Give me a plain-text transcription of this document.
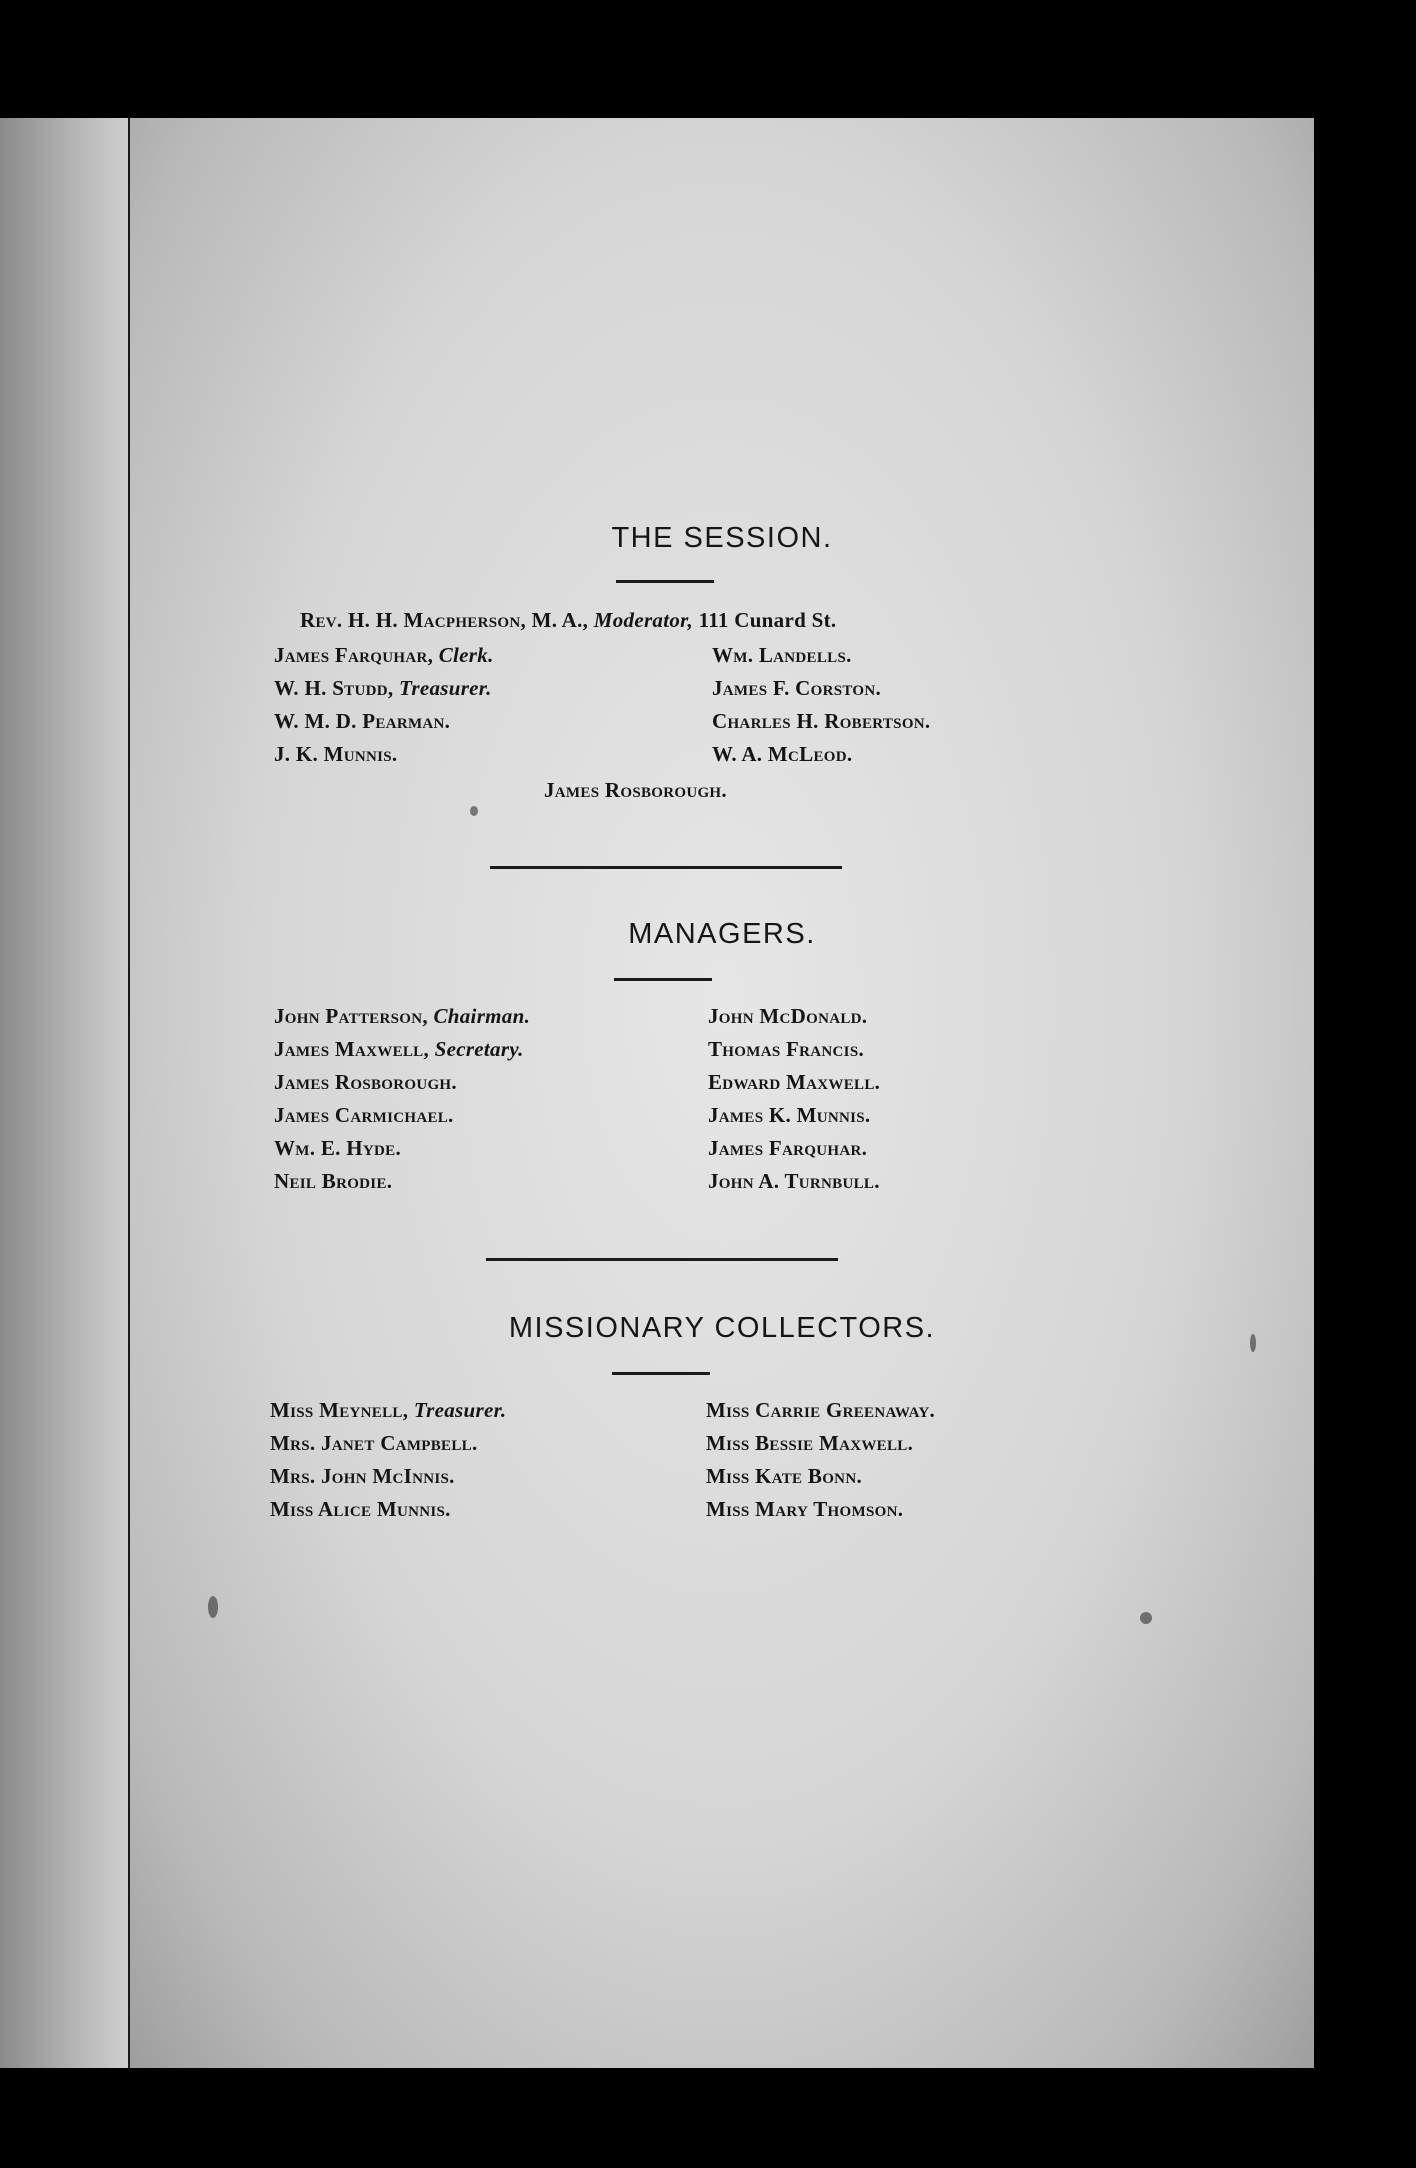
THE SESSION.
Rev. H. H. Macpherson, M. A., Moderator, 111 Cunard St.
James Farquhar, Clerk.
W. H. Studd, Treasurer.
W. M. D. Pearman.
J. K. Munnis.
Wm. Landells.
James F. Corston.
Charles H. Robertson.
W. A. McLeod.
James Rosborough.
MANAGERS.
John Patterson, Chairman.
James Maxwell, Secretary.
James Rosborough.
James Carmichael.
Wm. E. Hyde.
Neil Brodie.
John McDonald.
Thomas Francis.
Edward Maxwell.
James K. Munnis.
James Farquhar.
John A. Turnbull.
MISSIONARY COLLECTORS.
Miss Meynell, Treasurer.
Mrs. Janet Campbell.
Mrs. John McInnis.
Miss Alice Munnis.
Miss Carrie Greenaway.
Miss Bessie Maxwell.
Miss Kate Bonn.
Miss Mary Thomson.
